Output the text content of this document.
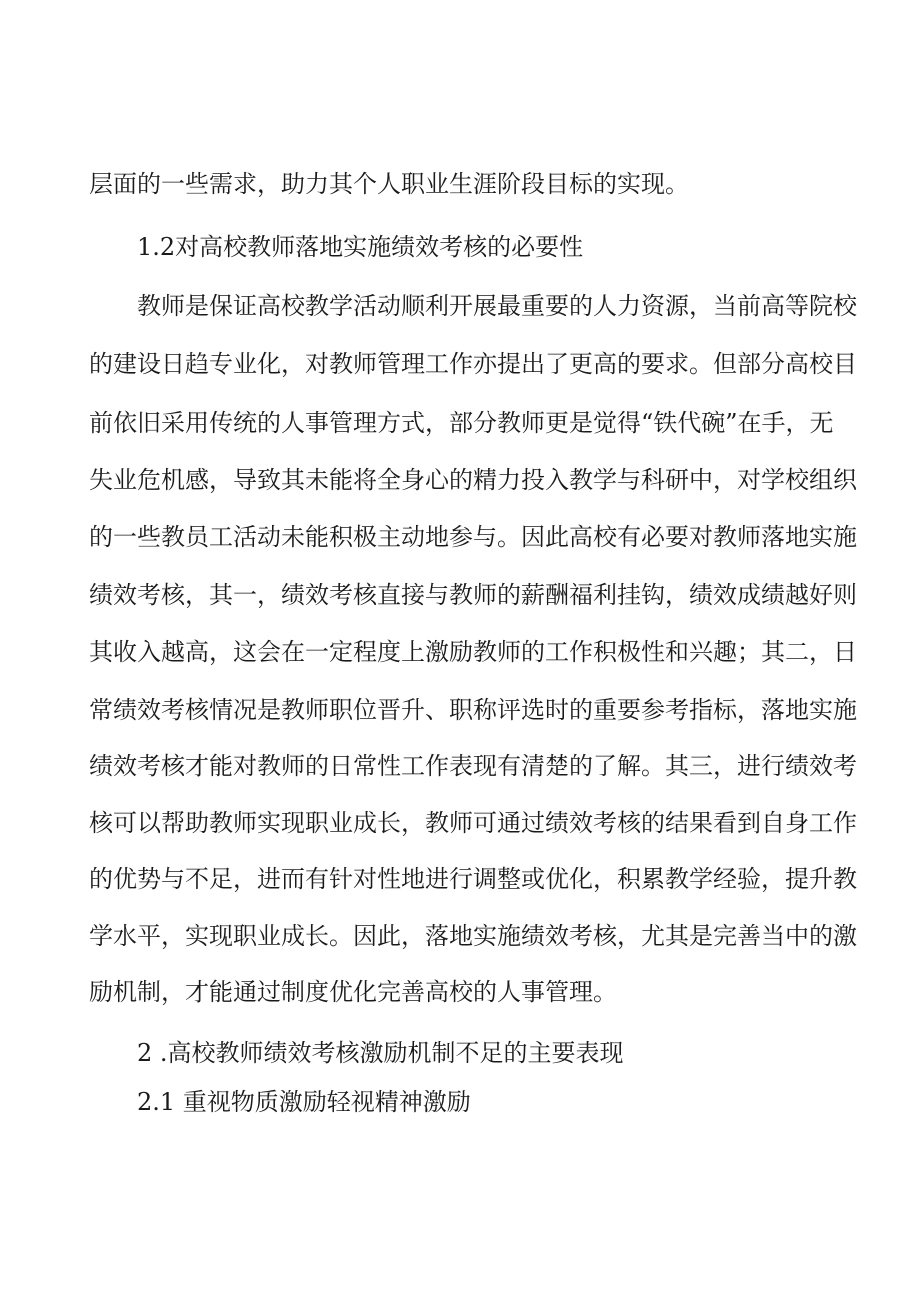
层面的一些需求，助力其个人职业生涯阶段目标的实现。
1.2对高校教师落地实施绩效考核的必要性
教师是保证高校教学活动顺利开展最重要的人力资源，当前高等院校
的建设日趋专业化，对教师管理工作亦提出了更高的要求。但部分高校目
前依旧采用传统的人事管理方式，部分教师更是觉得“铁代碗”在手，无
失业危机感，导致其未能将全身心的精力投入教学与科研中，对学校组织
的一些教员工活动未能积极主动地参与。因此高校有必要对教师落地实施
绩效考核，其一，绩效考核直接与教师的薪酬福利挂钩，绩效成绩越好则
其收入越高，这会在一定程度上激励教师的工作积极性和兴趣；其二，日
常绩效考核情况是教师职位晋升、职称评选时的重要参考指标，落地实施
绩效考核才能对教师的日常性工作表现有清楚的了解。其三，进行绩效考
核可以帮助教师实现职业成长，教师可通过绩效考核的结果看到自身工作
的优势与不足，进而有针对性地进行调整或优化，积累教学经验，提升教
学水平，实现职业成长。因此，落地实施绩效考核，尤其是完善当中的激
励机制，才能通过制度优化完善高校的人事管理。
2 .高校教师绩效考核激励机制不足的主要表现
2.1 重视物质激励轻视精神激励
